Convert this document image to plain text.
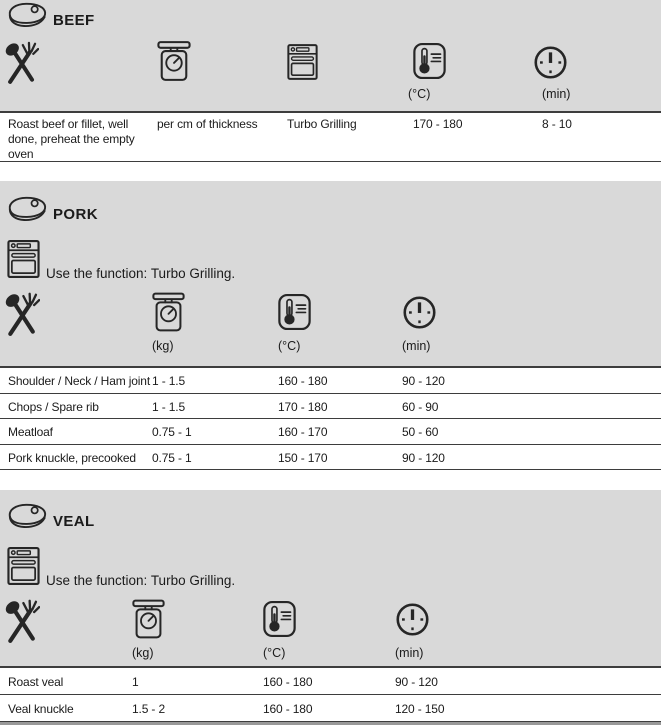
BEEF
(°C)	(min)
Roast beef or fillet, well done, preheat the empty oven
per cm of thickness	Turbo Grilling	170 - 180	8 - 10
PORK
Use the function: Turbo Grilling.
(kg)	(°C)	(min)
Shoulder / Neck / Ham joint 1 - 1.5	160 - 180	90 - 120
Chops / Spare rib	1 - 1.5	170 - 180	60 - 90
Meatloaf	0.75 - 1	160 - 170	50 - 60
Pork knuckle, precooked	0.75 - 1	150 - 170	90 - 120
VEAL
Use the function: Turbo Grilling.
(kg)	(°C)	(min)
Roast veal	1	160 - 180	90 - 120
Veal knuckle	1.5 - 2	160 - 180	120 - 150
